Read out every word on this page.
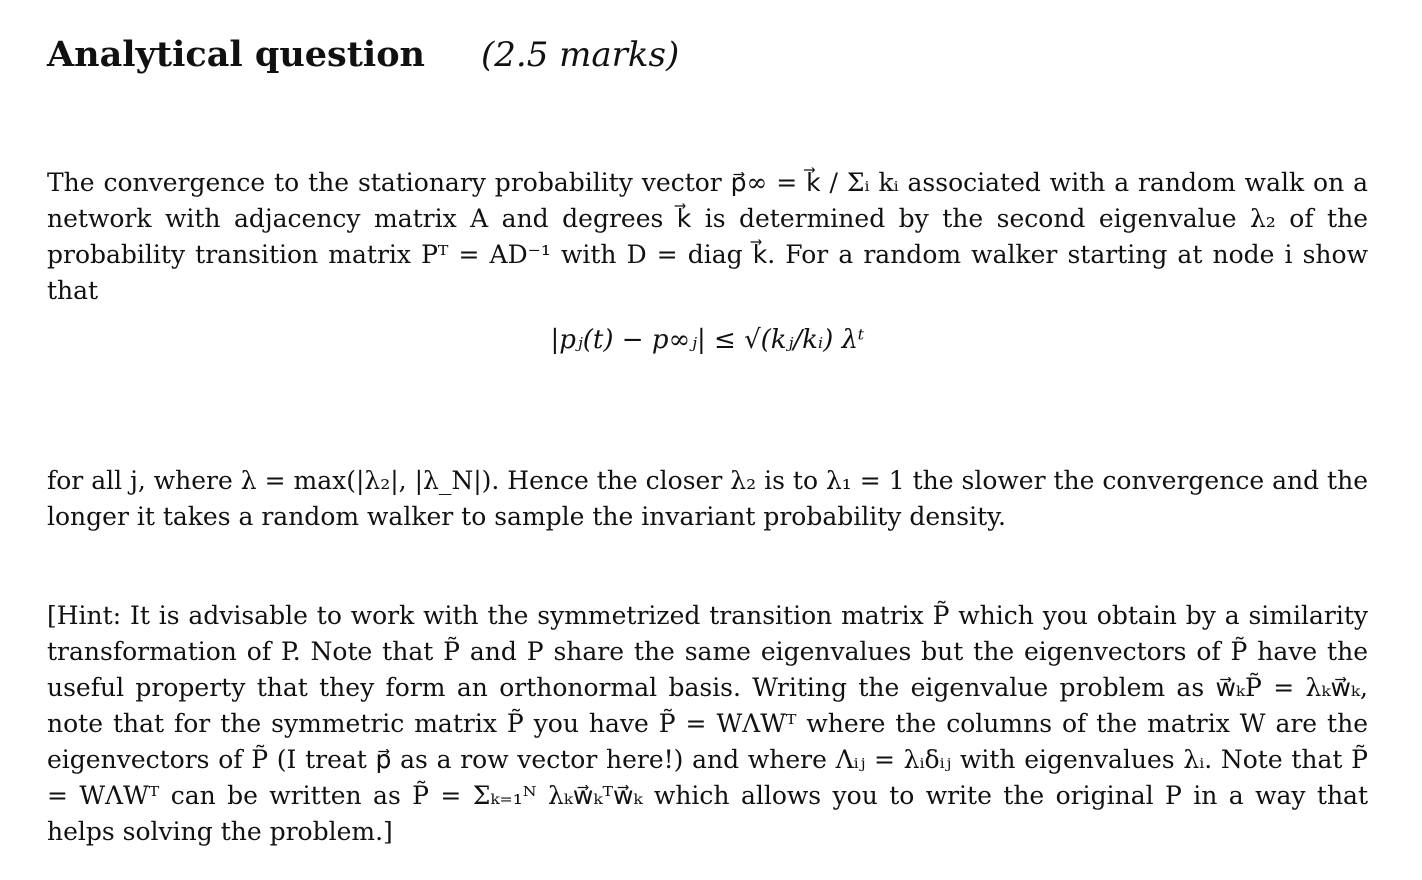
Analytical question (2.5 marks)

The convergence to the stationary probability vector p⃗∞ = k⃗ / Σᵢ kᵢ associated with a random walk on a network with adjacency matrix A and degrees k⃗ is determined by the second eigenvalue λ₂ of the probability transition matrix Pᵀ = AD⁻¹ with D = diag k⃗. For a random walker starting at node i show that

|pⱼ(t) − p∞ⱼ| ≤ √(kⱼ/kᵢ) λᵗ

for all j, where λ = max(|λ₂|, |λ_N|). Hence the closer λ₂ is to λ₁ = 1 the slower the convergence and the longer it takes a random walker to sample the invariant probability density.

[Hint: It is advisable to work with the symmetrized transition matrix P̃ which you obtain by a similarity transformation of P. Note that P̃ and P share the same eigenvalues but the eigenvectors of P̃ have the useful property that they form an orthonormal basis. Writing the eigenvalue problem as w⃗ₖP̃ = λₖw⃗ₖ, note that for the symmetric matrix P̃ you have P̃ = WΛWᵀ where the columns of the matrix W are the eigenvectors of P̃ (I treat p⃗ as a row vector here!) and where Λᵢⱼ = λᵢδᵢⱼ with eigenvalues λᵢ. Note that P̃ = WΛWᵀ can be written as P̃ = Σₖ₌₁ᴺ λₖw⃗ₖᵀw⃗ₖ which allows you to write the original P in a way that helps solving the problem.]
